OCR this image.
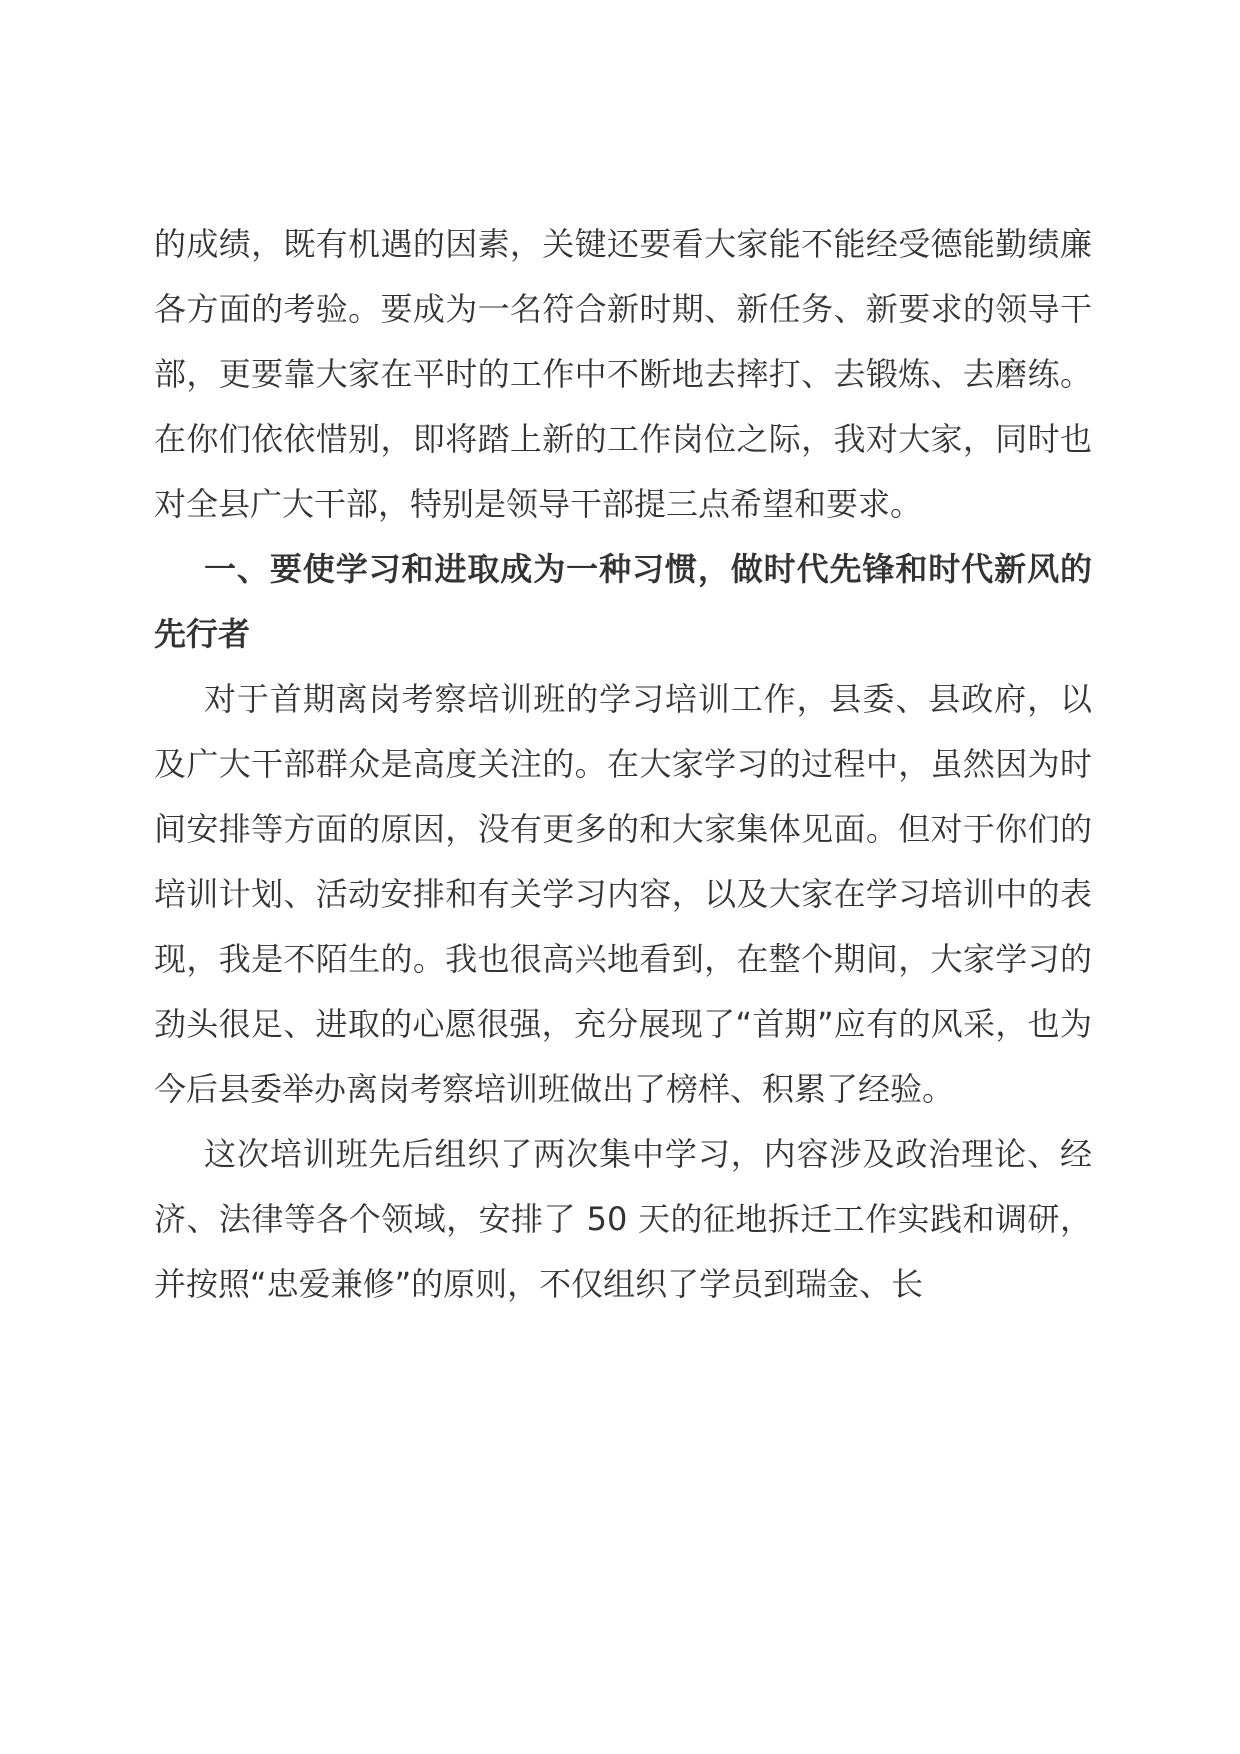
的成绩，既有机遇的因素，关键还要看大家能不能经受德能勤绩廉各方面的考验。要成为一名符合新时期、新任务、新要求的领导干部，更要靠大家在平时的工作中不断地去摔打、去锻炼、去磨练。在你们依依惜别，即将踏上新的工作岗位之际，我对大家，同时也对全县广大干部，特别是领导干部提三点希望和要求。

一、要使学习和进取成为一种习惯，做时代先锋和时代新风的先行者

对于首期离岗考察培训班的学习培训工作，县委、县政府，以及广大干部群众是高度关注的。在大家学习的过程中，虽然因为时间安排等方面的原因，没有更多的和大家集体见面。但对于你们的培训计划、活动安排和有关学习内容，以及大家在学习培训中的表现，我是不陌生的。我也很高兴地看到，在整个期间，大家学习的劲头很足、进取的心愿很强，充分展现了“首期”应有的风采，也为今后县委举办离岗考察培训班做出了榜样、积累了经验。

这次培训班先后组织了两次集中学习，内容涉及政治理论、经济、法律等各个领域，安排了 50 天的征地拆迁工作实践和调研，并按照“忠爱兼修”的原则，不仅组织了学员到瑞金、长
